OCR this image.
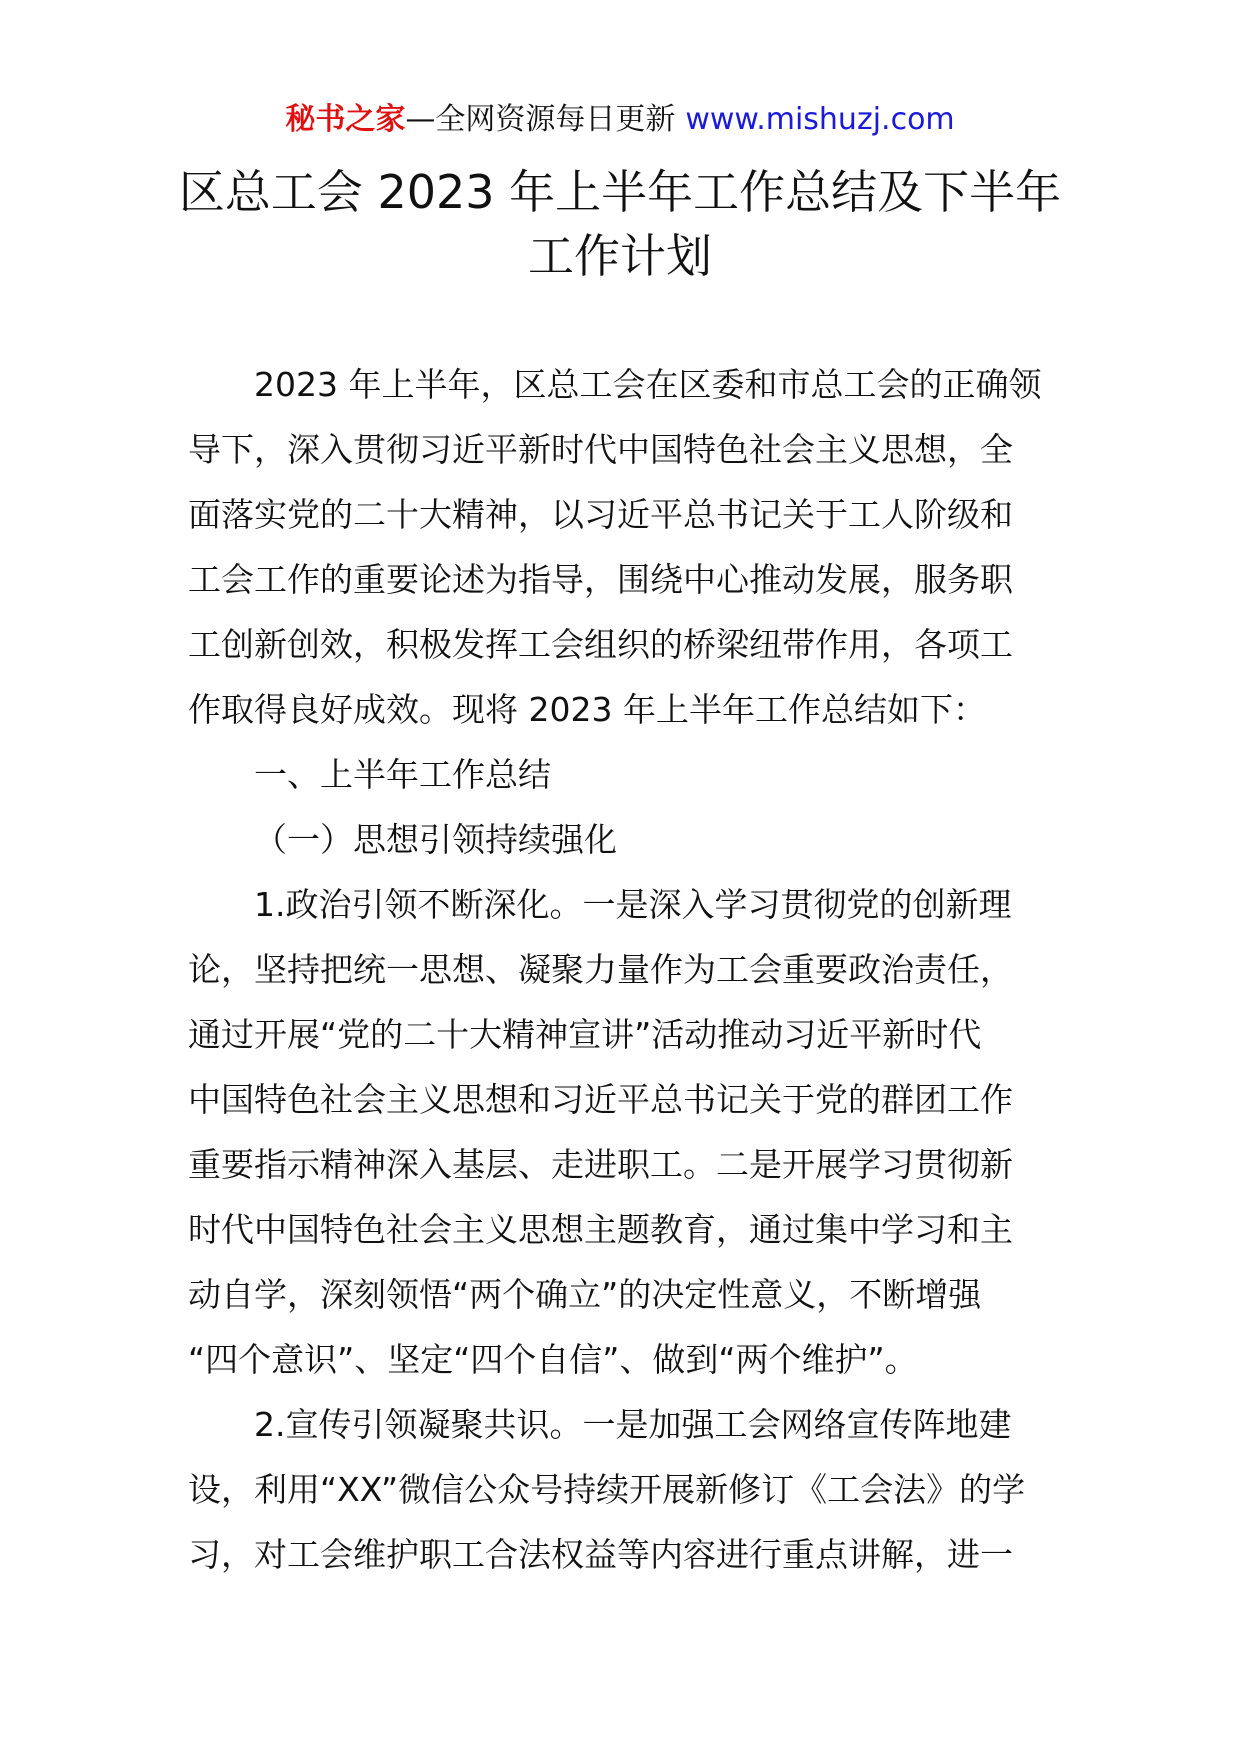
秘书之家—全网资源每日更新 www.mishuzj.com
区总工会 2023 年上半年工作总结及下半年
工作计划
2023 年上半年，区总工会在区委和市总工会的正确领
导下，深入贯彻习近平新时代中国特色社会主义思想，全
面落实党的二十大精神，以习近平总书记关于工人阶级和
工会工作的重要论述为指导，围绕中心推动发展，服务职
工创新创效，积极发挥工会组织的桥梁纽带作用，各项工
作取得良好成效。现将 2023 年上半年工作总结如下：
一、上半年工作总结
（一）思想引领持续强化
1.政治引领不断深化。一是深入学习贯彻党的创新理
论，坚持把统一思想、凝聚力量作为工会重要政治责任，
通过开展“党的二十大精神宣讲”活动推动习近平新时代
中国特色社会主义思想和习近平总书记关于党的群团工作
重要指示精神深入基层、走进职工。二是开展学习贯彻新
时代中国特色社会主义思想主题教育，通过集中学习和主
动自学，深刻领悟“两个确立”的决定性意义，不断增强
“四个意识”、坚定“四个自信”、做到“两个维护”。
2.宣传引领凝聚共识。一是加强工会网络宣传阵地建
设，利用“XX”微信公众号持续开展新修订《工会法》的学
习，对工会维护职工合法权益等内容进行重点讲解，进一
